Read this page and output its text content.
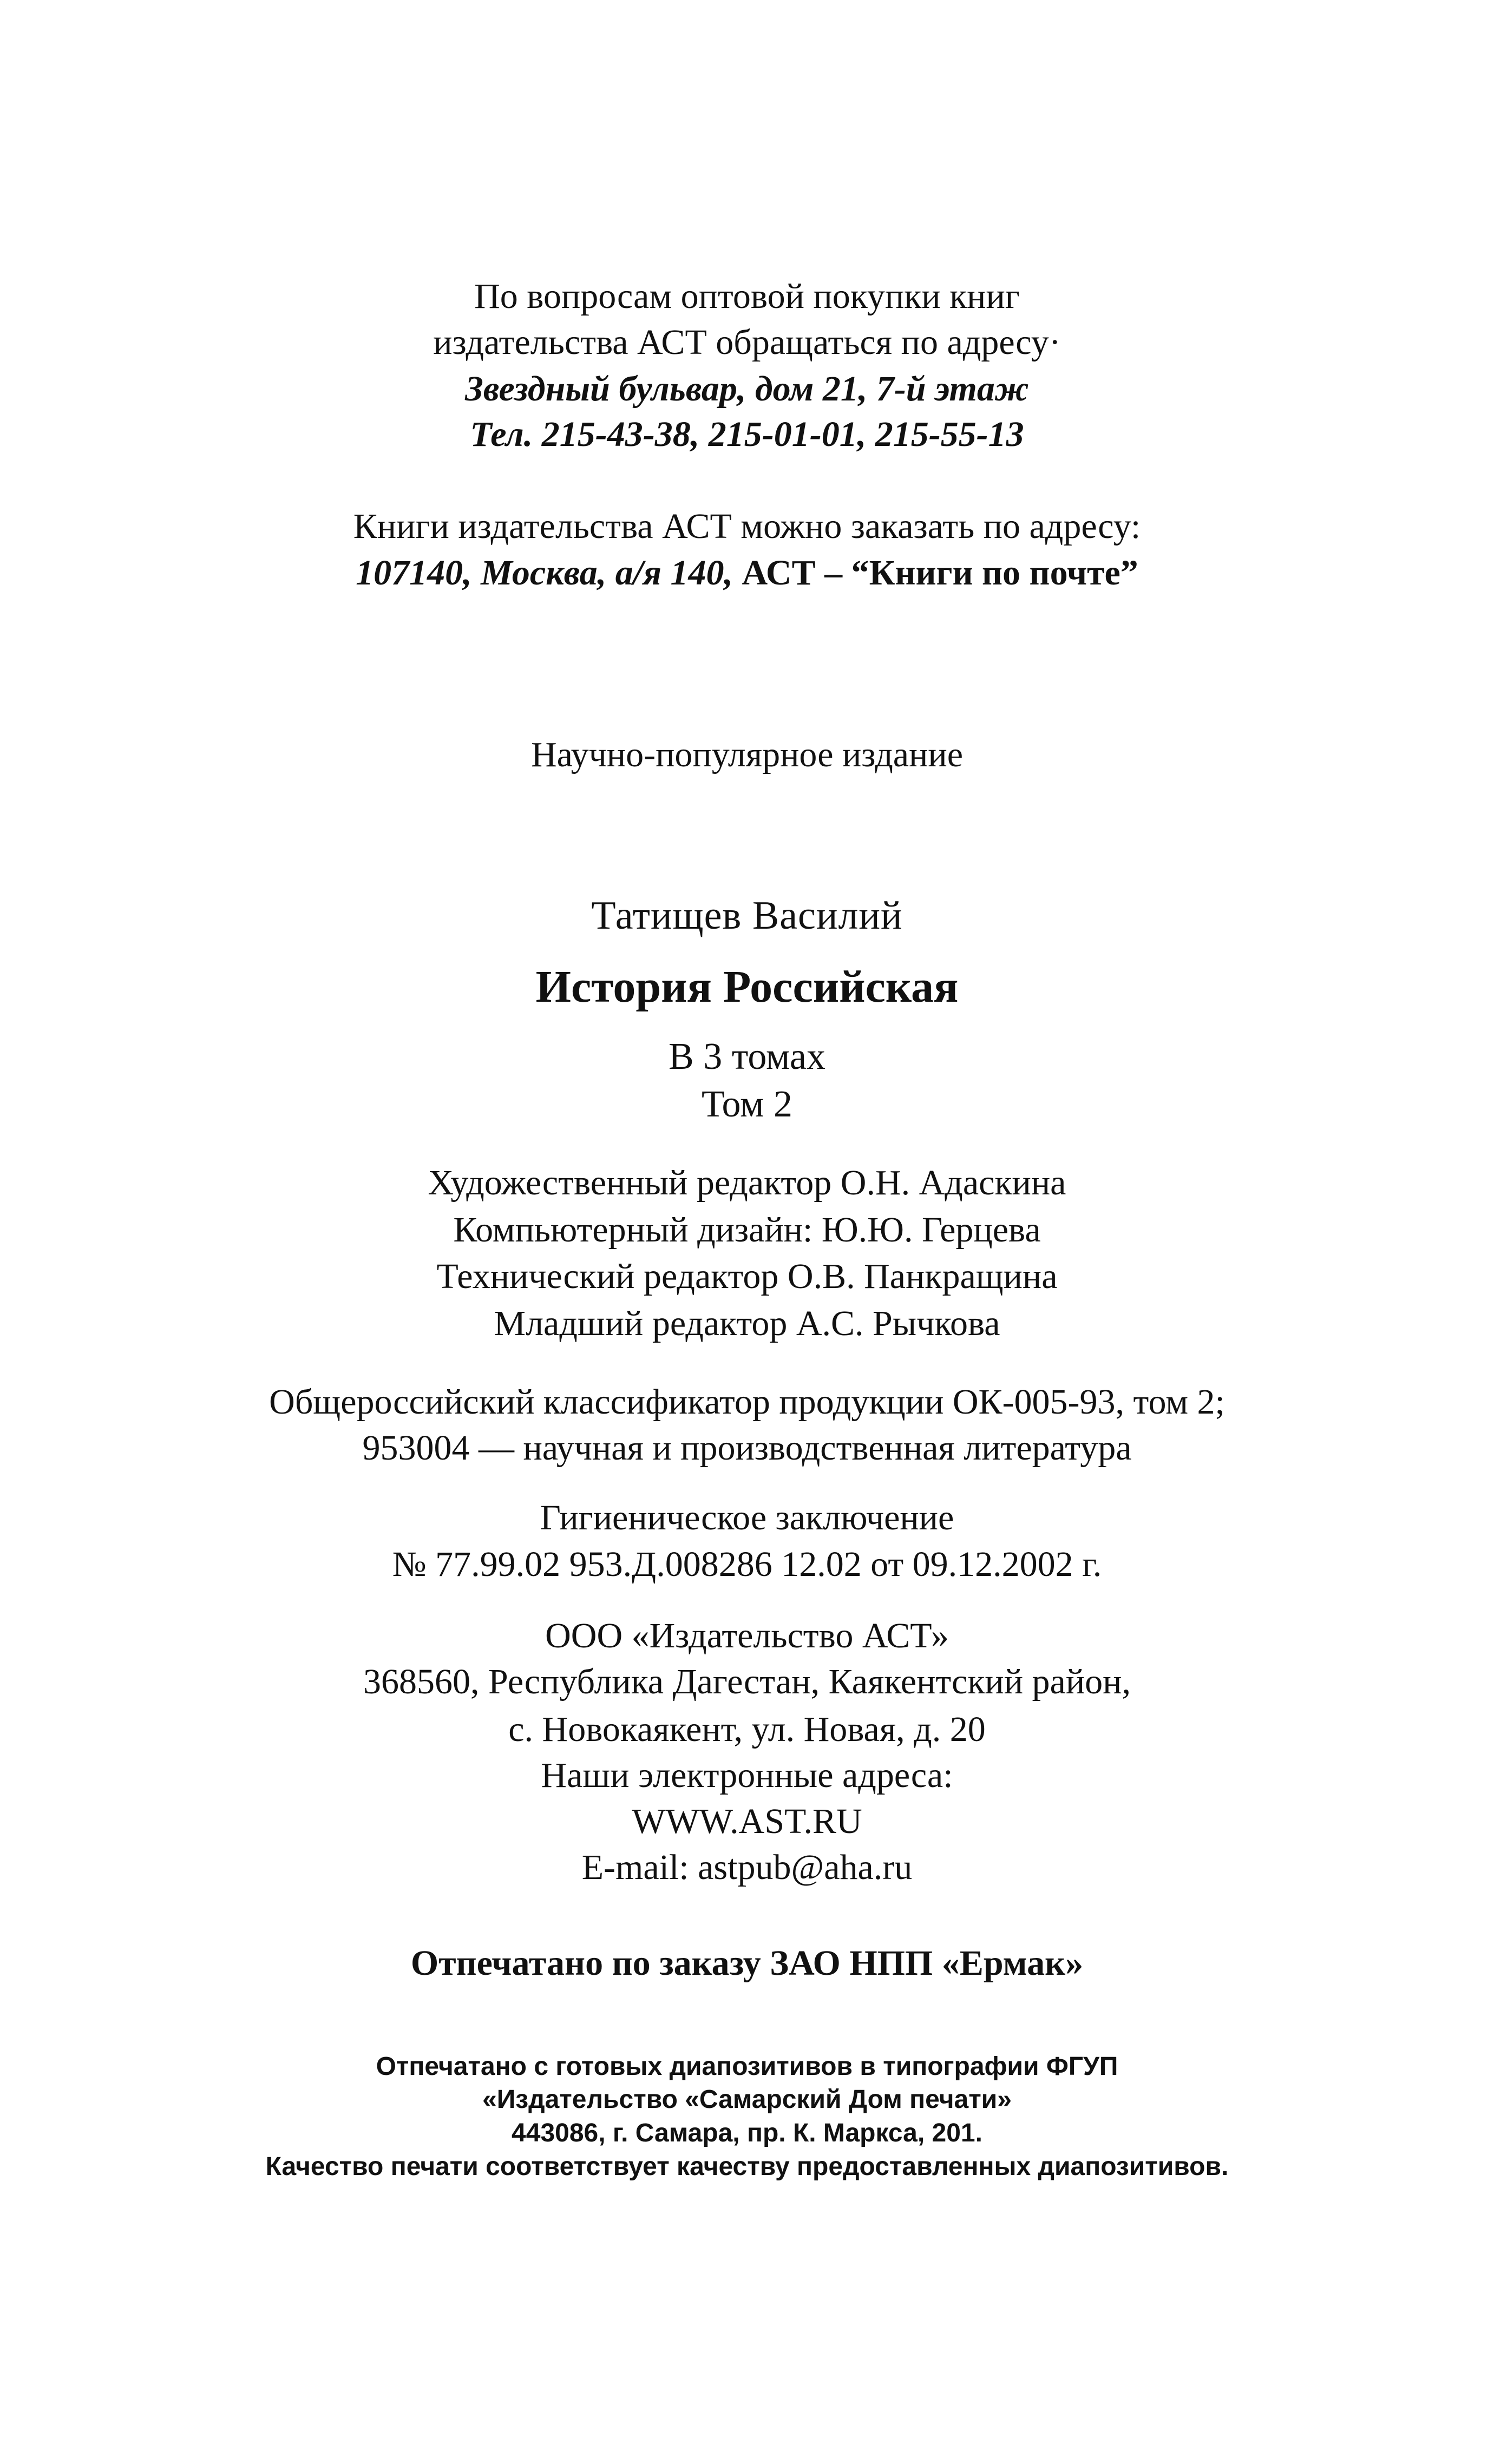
По вопросам оптовой покупки книг
издательства АСТ обращаться по адресу·
Звездный бульвар, дом 21, 7-й этаж
Тел. 215-43-38, 215-01-01, 215-55-13
Книги издательства АСТ можно заказать по адресу:
107140, Москва, а/я 140, АСТ – “Книги по почте”
Научно-популярное издание
Татищев Василий
История Российская
В 3 томах
Том 2
Художественный редактор О.Н. Адаскина
Компьютерный дизайн: Ю.Ю. Герцева
Технический редактор О.В. Панкращина
Младший редактор А.С. Рычкова
Общероссийский классификатор продукции ОК-005-93, том 2;
953004 — научная и производственная литература
Гигиеническое заключение
№ 77.99.02 953.Д.008286 12.02 от 09.12.2002 г.
ООО «Издательство АСТ»
368560, Республика Дагестан, Каякентский район,
с. Новокаякент, ул. Новая, д. 20
Наши электронные адреса:
WWW.AST.RU
E-mail: astpub@aha.ru
Отпечатано по заказу ЗАО НПП «Ермак»
Отпечатано с готовых диапозитивов в типографии ФГУП
«Издательство «Самарский Дом печати»
443086, г. Самара, пр. К. Маркса, 201.
Качество печати соответствует качеству предоставленных диапозитивов.
